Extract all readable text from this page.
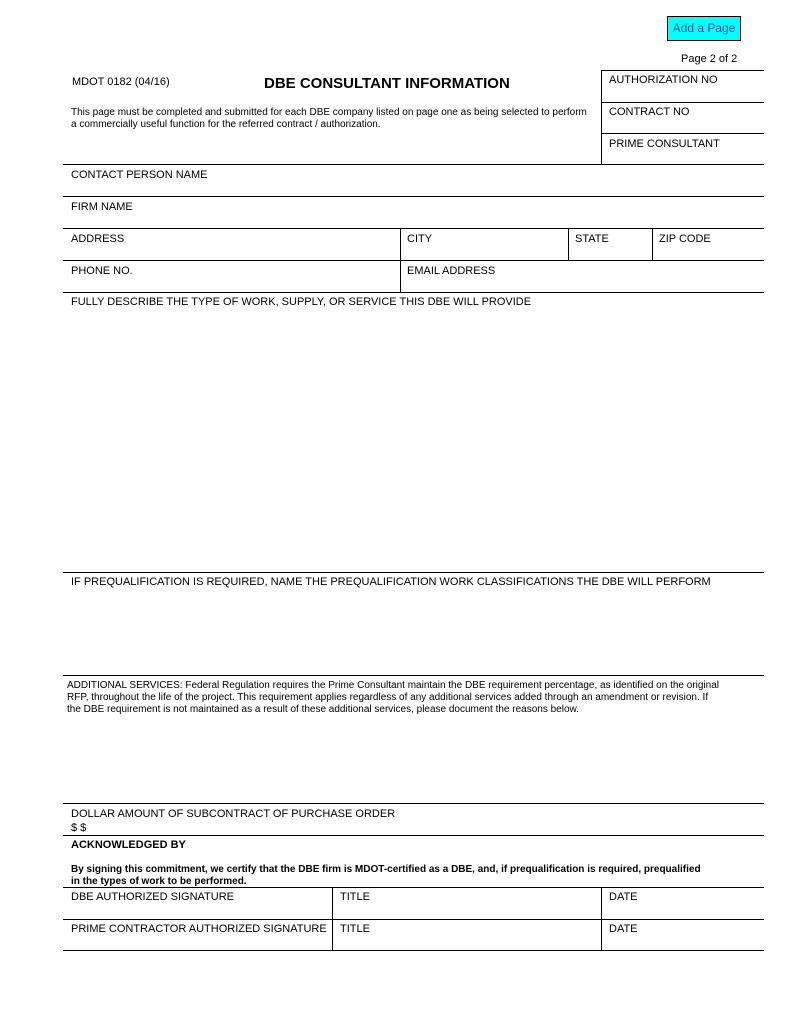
Add a Page
Page 2 of 2
MDOT 0182 (04/16)	DBE CONSULTANT INFORMATION
This page must be completed and submitted for each DBE company listed on page one as being selected to perform a commercially useful function for the referred contract / authorization.
AUTHORIZATION NO
CONTRACT NO
PRIME CONSULTANT
CONTACT PERSON NAME
FIRM NAME
ADDRESS	CITY	STATE	ZIP CODE
PHONE NO.	EMAIL ADDRESS
FULLY DESCRIBE THE TYPE OF WORK, SUPPLY, OR SERVICE THIS DBE WILL PROVIDE
IF PREQUALIFICATION IS REQUIRED, NAME THE PREQUALIFICATION WORK CLASSIFICATIONS THE DBE WILL PERFORM
ADDITIONAL SERVICES: Federal Regulation requires the Prime Consultant maintain the DBE requirement percentage, as identified on the original RFP, throughout the life of the project. This requirement applies regardless of any additional services added through an amendment or revision. If the DBE requirement is not maintained as a result of these additional services, please document the reasons below.
DOLLAR AMOUNT OF SUBCONTRACT OF PURCHASE ORDER
$ $
ACKNOWLEDGED BY
By signing this commitment, we certify that the DBE firm is MDOT-certified as a DBE, and, if prequalification is required, prequalified in the types of work to be performed.
DBE AUTHORIZED SIGNATURE	TITLE	DATE
PRIME CONTRACTOR AUTHORIZED SIGNATURE TITLE	DATE
